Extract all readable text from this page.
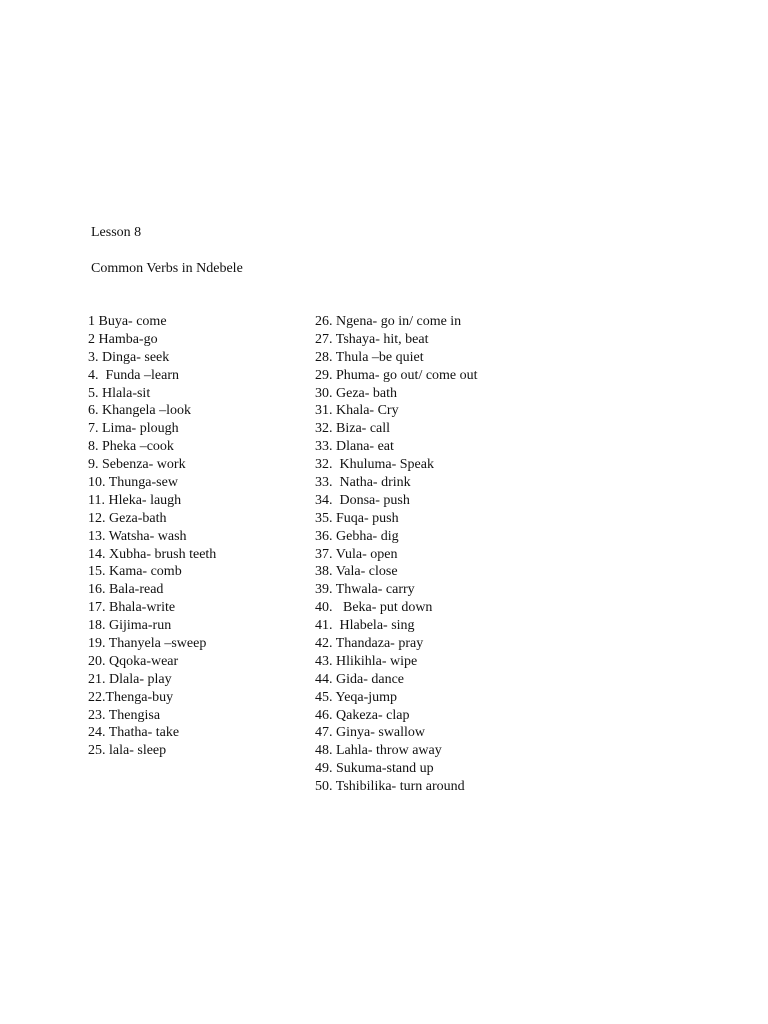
Lesson 8
Common Verbs in Ndebele
1 Buya- come
2 Hamba-go
3. Dinga- seek
4.  Funda –learn
5. Hlala-sit
6. Khangela –look
7. Lima- plough
8. Pheka –cook
9. Sebenza- work
10. Thunga-sew
11. Hleka- laugh
12. Geza-bath
13. Watsha- wash
14. Xubha- brush teeth
15. Kama- comb
16. Bala-read
17. Bhala-write
18. Gijima-run
19. Thanyela –sweep
20. Qqoka-wear
21. Dlala- play
22.Thenga-buy
23. Thengisa
24. Thatha- take
25. lala- sleep
26. Ngena- go in/ come in
27. Tshaya- hit, beat
28. Thula –be quiet
29. Phuma- go out/ come out
30. Geza- bath
31. Khala- Cry
32. Biza- call
33. Dlana- eat
32.  Khuluma- Speak
33.  Natha- drink
34.  Donsa- push
35. Fuqa- push
36. Gebha- dig
37. Vula- open
38. Vala- close
39. Thwala- carry
40.   Beka- put down
41.  Hlabela- sing
42. Thandaza- pray
43. Hlikihla- wipe
44. Gida- dance
45. Yeqa-jump
46. Qakeza- clap
47. Ginya- swallow
48. Lahla- throw away
49. Sukuma-stand up
50. Tshibilika- turn around
